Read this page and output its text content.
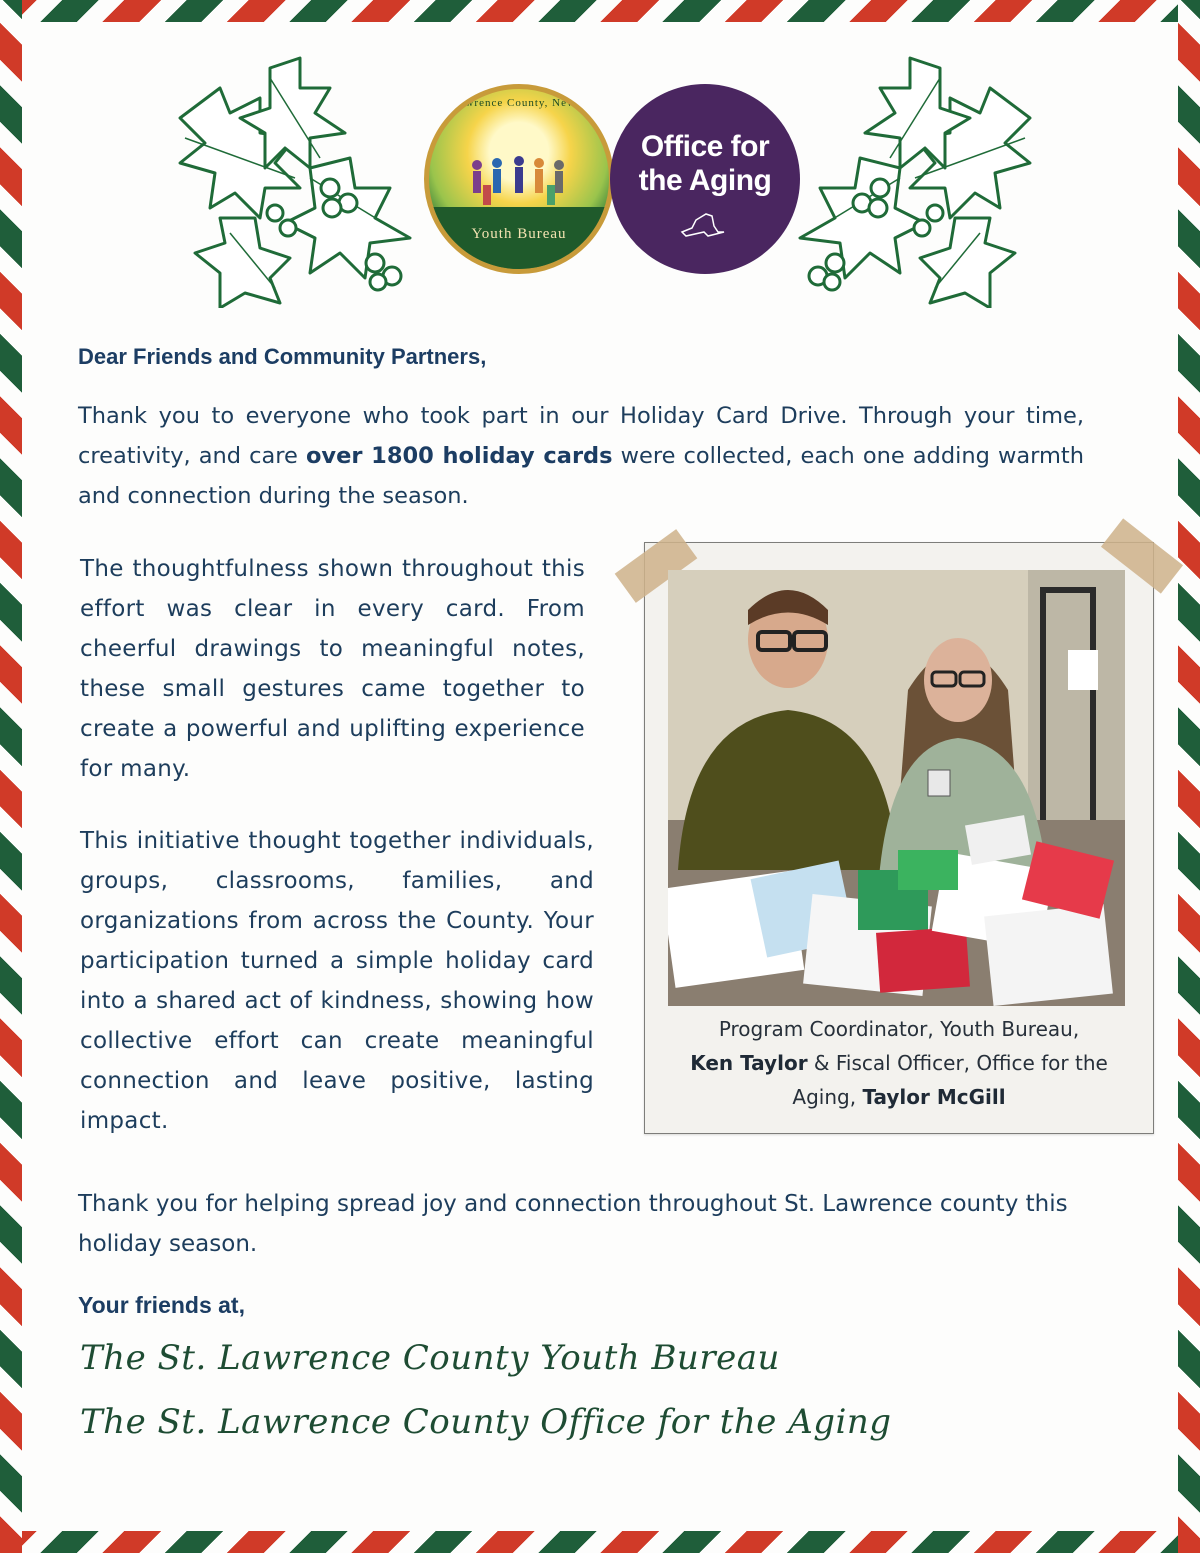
St. Lawrence County, New York
Youth Bureau
Office for
the Aging
Dear Friends and Community Partners,
Thank you to everyone who took part in our Holiday Card Drive. Through your time, creativity, and care over 1800 holiday cards were collected, each one adding warmth and connection during the season.
The thoughtfulness shown throughout this effort was clear in every card. From cheerful drawings to meaningful notes, these small gestures came together to create a powerful and uplifting experience for many.
This initiative thought together individuals, groups, classrooms, families, and organizations from across the County. Your participation turned a simple holiday card into a shared act of kindness, showing how collective effort can create meaningful connection and leave positive, lasting impact.
Thank you for helping spread joy and connection throughout St. Lawrence county this holiday season.
Your friends at,
The St. Lawrence County Youth Bureau
The St. Lawrence County Office for the Aging
Program Coordinator, Youth Bureau,
Ken Taylor & Fiscal Officer, Office for the Aging, Taylor McGill
